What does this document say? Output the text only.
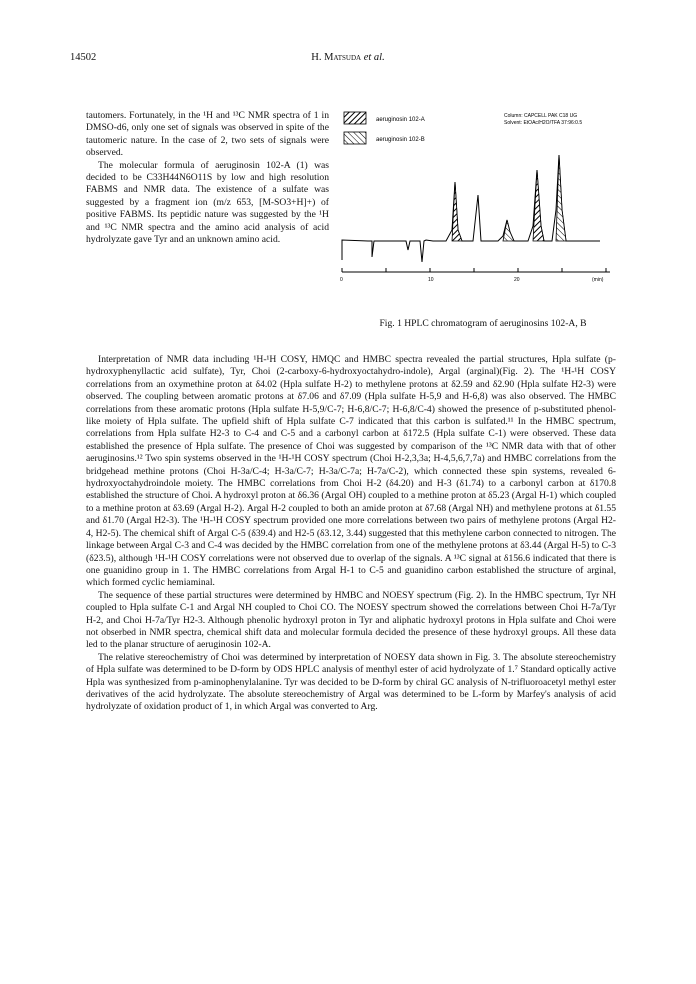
14502	H. Matsuda et al.

tautomers. Fortunately, in the ¹H and ¹³C NMR spectra of 1 in DMSO-d6, only one set of signals was observed in spite of the tautomeric nature. In the case of 2, two sets of signals were observed.

The molecular formula of aeruginosin 102-A (1) was decided to be C33H44N6O11S by low and high resolution FABMS and NMR data. The existence of a sulfate was suggested by a fragment ion (m/z 653, [M-SO3+H]+) of positive FABMS. Its peptidic nature was suggested by the ¹H and ¹³C NMR spectra and the amino acid analysis of acid hydrolyzate gave Tyr and an unknown amino acid.

aeruginosin 102-A
aeruginosin 102-B
Column: CAPCELL PAK C18 UG
Solvent: EtOAc/H2O/TFA 37:96:0.5
0	10	20	(min)
Fig. 1 HPLC chromatogram of aeruginosins 102-A, B

Interpretation of NMR data including ¹H-¹H COSY, HMQC and HMBC spectra revealed the partial structures, Hpla sulfate (p-hydroxyphenyllactic acid sulfate), Tyr, Choi (2-carboxy-6-hydroxyoctahydro-indole), Argal (arginal)(Fig. 2). The ¹H-¹H COSY correlations from an oxymethine proton at δ4.02 (Hpla sulfate H-2) to methylene protons at δ2.59 and δ2.90 (Hpla sulfate H2-3) were observed. The coupling between aromatic protons at δ7.06 and δ7.09 (Hpla sulfate H-5,9 and H-6,8) was also observed. The HMBC correlations from these aromatic protons (Hpla sulfate H-5,9/C-7; H-6,8/C-7; H-6,8/C-4) showed the presence of p-substituted phenol-like moiety of Hpla sulfate. The upfield shift of Hpla sulfate C-7 indicated that this carbon is sulfated.¹¹ In the HMBC spectrum, correlations from Hpla sulfate H2-3 to C-4 and C-5 and a carbonyl carbon at δ172.5 (Hpla sulfate C-1) were observed. These data established the presence of Hpla sulfate. The presence of Choi was suggested by comparison of the ¹³C NMR data with that of other aeruginosins.¹² Two spin systems observed in the ¹H-¹H COSY spectrum (Choi H-2,3,3a; H-4,5,6,7,7a) and HMBC correlations from the bridgehead methine protons (Choi H-3a/C-4; H-3a/C-7; H-3a/C-7a; H-7a/C-2), which connected these spin systems, revealed 6-hydroxyoctahydroindole moiety. The HMBC correlations from Choi H-2 (δ4.20) and H-3 (δ1.74) to a carbonyl carbon at δ170.8 established the structure of Choi. A hydroxyl proton at δ6.36 (Argal OH) coupled to a methine proton at δ5.23 (Argal H-1) which coupled to a methine proton at δ3.69 (Argal H-2). Argal H-2 coupled to both an amide proton at δ7.68 (Argal NH) and methylene protons at δ1.55 and δ1.70 (Argal H2-3). The ¹H-¹H COSY spectrum provided one more correlations between two pairs of methylene protons (Argal H2-4, H2-5). The chemical shift of Argal C-5 (δ39.4) and H2-5 (δ3.12, 3.44) suggested that this methylene carbon connected to nitrogen. The linkage between Argal C-3 and C-4 was decided by the HMBC correlation from one of the methylene protons at δ3.44 (Argal H-5) to C-3 (δ23.5), although ¹H-¹H COSY correlations were not observed due to overlap of the signals. A ¹³C signal at δ156.6 indicated that there is one guanidino group in 1. The HMBC correlations from Argal H-1 to C-5 and guanidino carbon established the structure of arginal, which formed cyclic hemiaminal.

The sequence of these partial structures were determined by HMBC and NOESY spectrum (Fig. 2). In the HMBC spectrum, Tyr NH coupled to Hpla sulfate C-1 and Argal NH coupled to Choi CO. The NOESY spectrum showed the correlations between Choi H-7a/Tyr H-2, and Choi H-7a/Tyr H2-3. Although phenolic hydroxyl proton in Tyr and aliphatic hydroxyl protons in Hpla sulfate and Choi were not obserbed in NMR spectra, chemical shift data and molecular formula decided the presence of these hydroxyl groups. All these data led to the planar structure of aeruginosin 102-A.

The relative stereochemistry of Choi was determined by interpretation of NOESY data shown in Fig. 3. The absolute stereochemistry of Hpla sulfate was determined to be D-form by ODS HPLC analysis of menthyl ester of acid hydrolyzate of 1.⁷ Standard optically active Hpla was synthesized from p-aminophenylalanine. Tyr was decided to be D-form by chiral GC analysis of N-trifluoroacetyl methyl ester derivatives of the acid hydrolyzate. The absolute stereochemistry of Argal was determined to be L-form by Marfey's analysis of acid hydrolyzate of oxidation product of 1, in which Argal was converted to Arg.
